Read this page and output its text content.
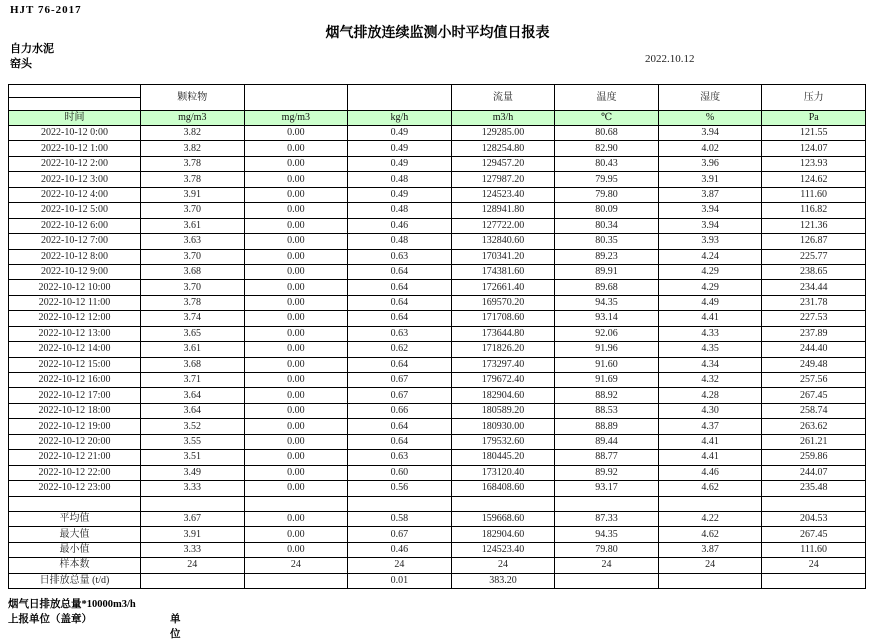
HJT 76-2017
烟气排放连续监测小时平均值日报表
自力水泥
窑头	2022.10.12
	颗粒物			流量	温度	湿度	压力

时间	mg/m3	mg/m3	kg/h	m3/h	℃	%	Pa
2022-10-12 0:00	3.82	0.00	0.49	129285.00	80.68	3.94	121.55
2022-10-12 1:00	3.82	0.00	0.49	128254.80	82.90	4.02	124.07
2022-10-12 2:00	3.78	0.00	0.49	129457.20	80.43	3.96	123.93
2022-10-12 3:00	3.78	0.00	0.48	127987.20	79.95	3.91	124.62
2022-10-12 4:00	3.91	0.00	0.49	124523.40	79.80	3.87	111.60
2022-10-12 5:00	3.70	0.00	0.48	128941.80	80.09	3.94	116.82
2022-10-12 6:00	3.61	0.00	0.46	127722.00	80.34	3.94	121.36
2022-10-12 7:00	3.63	0.00	0.48	132840.60	80.35	3.93	126.87
2022-10-12 8:00	3.70	0.00	0.63	170341.20	89.23	4.24	225.77
2022-10-12 9:00	3.68	0.00	0.64	174381.60	89.91	4.29	238.65
2022-10-12 10:00	3.70	0.00	0.64	172661.40	89.68	4.29	234.44
2022-10-12 11:00	3.78	0.00	0.64	169570.20	94.35	4.49	231.78
2022-10-12 12:00	3.74	0.00	0.64	171708.60	93.14	4.41	227.53
2022-10-12 13:00	3.65	0.00	0.63	173644.80	92.06	4.33	237.89
2022-10-12 14:00	3.61	0.00	0.62	171826.20	91.96	4.35	244.40
2022-10-12 15:00	3.68	0.00	0.64	173297.40	91.60	4.34	249.48
2022-10-12 16:00	3.71	0.00	0.67	179672.40	91.69	4.32	257.56
2022-10-12 17:00	3.64	0.00	0.67	182904.60	88.92	4.28	267.45
2022-10-12 18:00	3.64	0.00	0.66	180589.20	88.53	4.30	258.74
2022-10-12 19:00	3.52	0.00	0.64	180930.00	88.89	4.37	263.62
2022-10-12 20:00	3.55	0.00	0.64	179532.60	89.44	4.41	261.21
2022-10-12 21:00	3.51	0.00	0.63	180445.20	88.77	4.41	259.86
2022-10-12 22:00	3.49	0.00	0.60	173120.40	89.92	4.46	244.07
2022-10-12 23:00	3.33	0.00	0.56	168408.60	93.17	4.62	235.48

平均值	3.67	0.00	0.58	159668.60	87.33	4.22	204.53
最大值	3.91	0.00	0.67	182904.60	94.35	4.62	267.45
最小值	3.33	0.00	0.46	124523.40	79.80	3.87	111.60
样本数	24	24	24	24	24	24	24
日排放总量 (t/d)			0.01	383.20			
烟气日排放总量*10000m3/h
上报单位（盖章）	单位
